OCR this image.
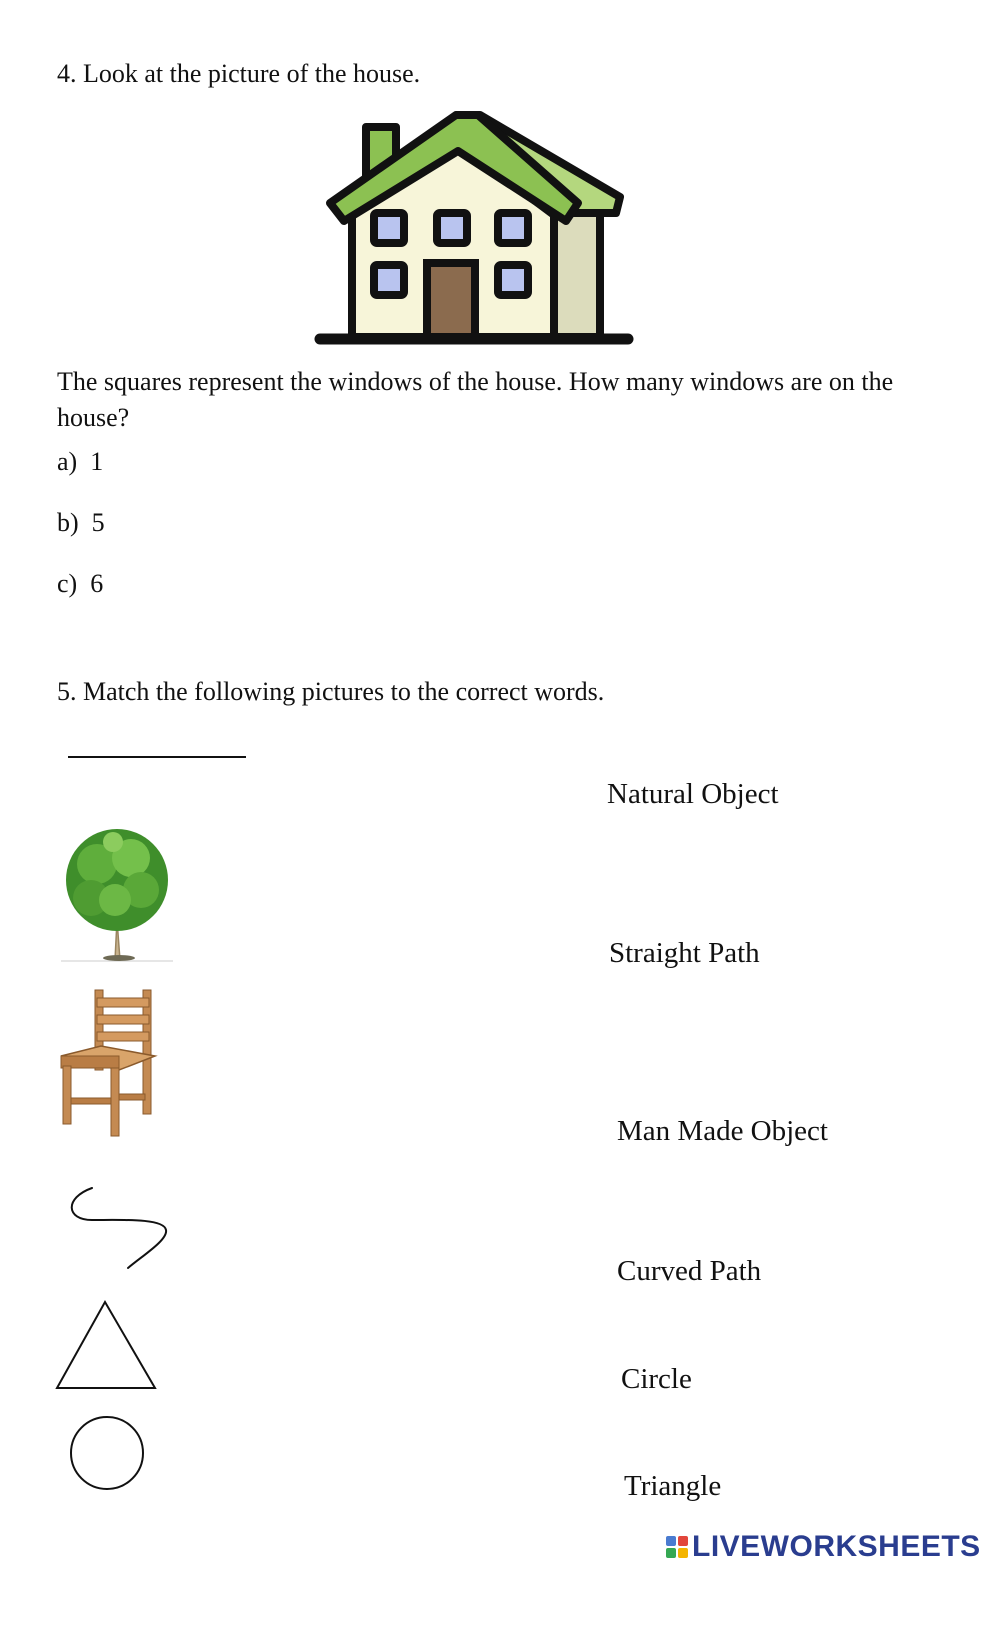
4. Look at the picture of the house.
The squares represent the windows of the house. How many windows are on the house?
a) 1
b) 5
c) 6
5. Match the following pictures to the correct words.
Natural Object
Straight Path
Man Made Object
Curved Path
Circle
Triangle
LIVEWORKSHEETS
